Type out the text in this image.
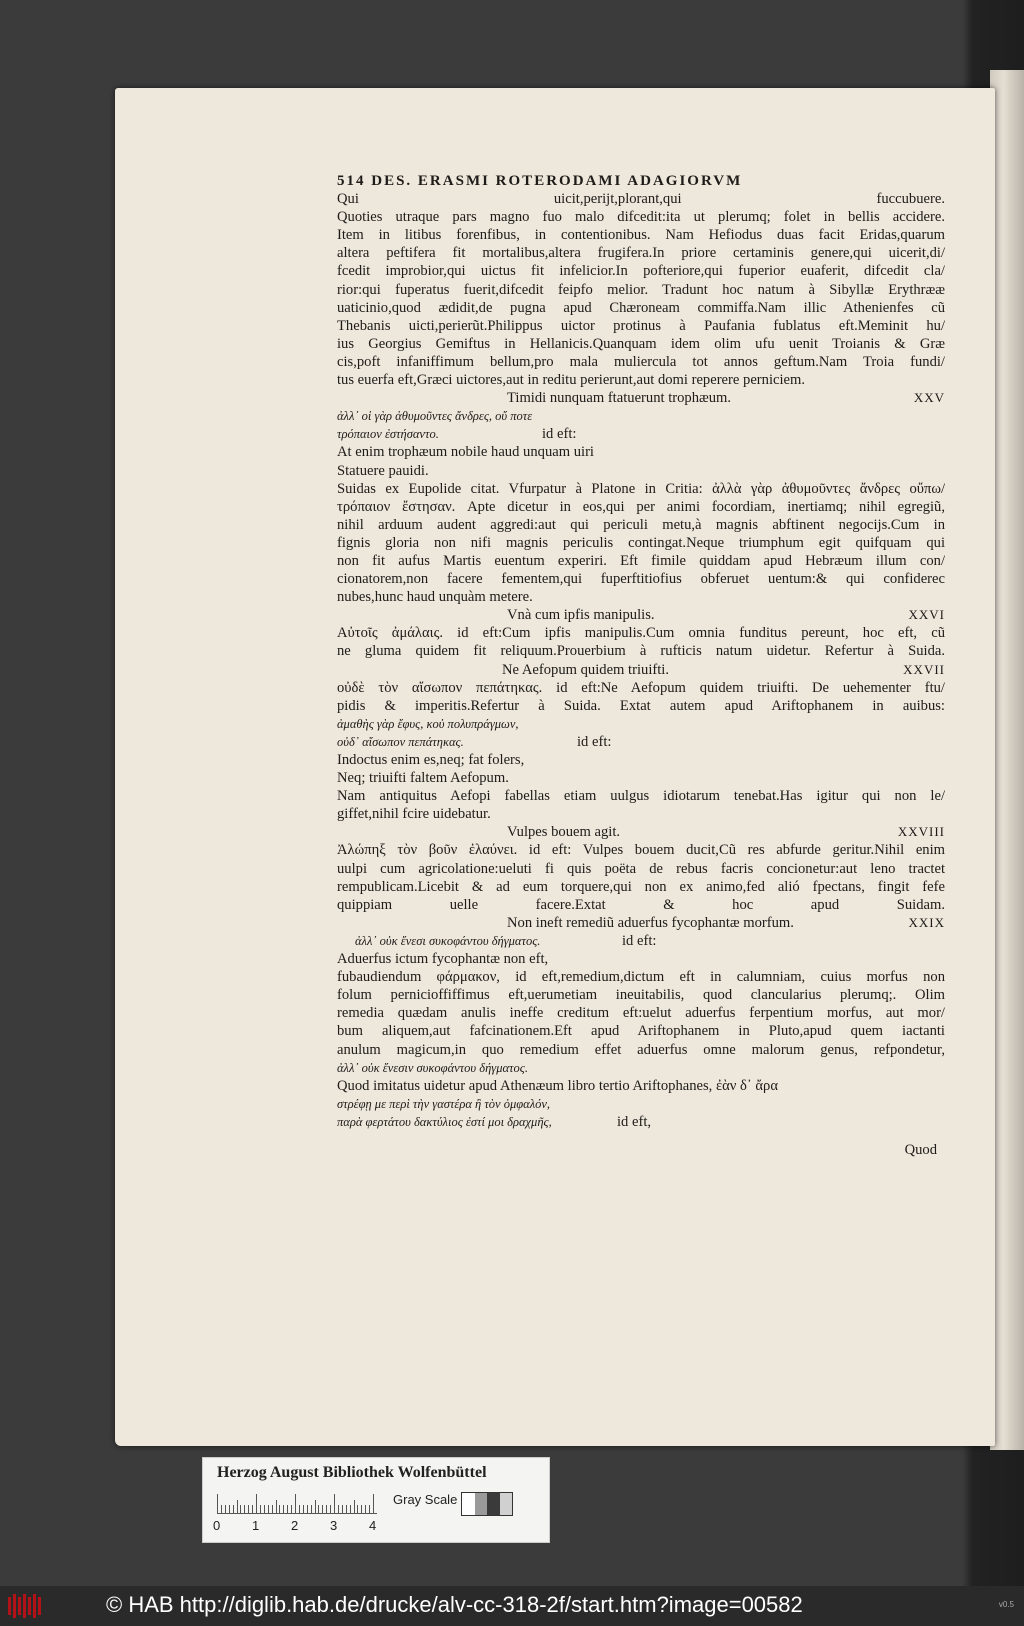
514 DES. ERASMI ROTERODAMI ADAGIORVM
Qui uicit,perijt,plorant,qui fuccubuere.
Quoties utraque pars magno fuo malo difcedit:ita ut plerumq; folet in bellis accidere.
Item in litibus forenfibus, in contentionibus. Nam Hefiodus duas facit Eridas,quarum
altera peftifera fit mortalibus,altera frugifera.In priore certaminis genere,qui uicerit,di/
fcedit improbior,qui uictus fit infelicior.In pofteriore,qui fuperior euaferit, difcedit cla/
rior:qui fuperatus fuerit,difcedit feipfo melior. Tradunt hoc natum à Sibyllæ Erythrææ
uaticinio,quod ædidit,de pugna apud Chæroneam commiffa.Nam illic Athenienfes cũ
Thebanis uicti,perierũt.Philippus uictor protinus à Paufania fublatus eft.Meminit hu/
ius Georgius Gemiftus in Hellanicis.Quanquam idem olim ufu uenit Troianis & Græ
cis,poft infaniffimum bellum,pro mala muliercula tot annos geftum.Nam Troia fundi/
tus euerfa eft,Græci uictores,aut in reditu perierunt,aut domi reperere perniciem.
Timidi nunquam ftatuerunt trophæum.	XXV
ἀλλ᾽ οἱ γὰρ ἀθυμοῦντες ἄνδρες, οὔ ποτε
τρόπαιον ἐστήσαντο.	id eft:
At enim trophæum nobile haud unquam uiri
Statuere pauidi.
Suidas ex Eupolide citat. Vfurpatur à Platone in Critia: ἀλλὰ γὰρ ἀθυμοῦντες ἄνδρες οὔπω/
τρόπαιον ἔστησαν. Apte dicetur in eos,qui per animi focordiam, inertiamq; nihil egregiũ,
nihil arduum audent aggredi:aut qui periculi metu,à magnis abftinent negocijs.Cum in
fignis gloria non nifi magnis periculis contingat.Neque triumphum egit quifquam qui
non fit aufus Martis euentum experiri. Eft fimile quiddam apud Hebræum illum con/
cionatorem,non facere fementem,qui fuperftitiofius obferuet uentum:& qui confiderec
nubes,hunc haud unquàm metere.
Vnà cum ipfis manipulis.	XXVI
Αὐτοῖς ἀμάλαις. id eft:Cum ipfis manipulis.Cum omnia funditus pereunt, hoc eft, cũ
ne gluma quidem fit reliquum.Prouerbium à rufticis natum uidetur. Refertur à Suida.
Ne Aefopum quidem triuifti.	XXVII
οὐδὲ τὸν αἴσωπον πεπάτηκας. id eft:Ne Aefopum quidem triuifti. De uehementer ftu/
pidis & imperitis.Refertur à Suida. Extat autem apud Ariftophanem in auibus:
ἀμαθὴς γὰρ ἔφυς, κοὐ πολυπράγμων,
οὐδ᾽ αἴσωπον πεπάτηκας.	id eft:
Indoctus enim es,neq; fat folers,
Neq; triuifti faltem Aefopum.
Nam antiquitus Aefopi fabellas etiam uulgus idiotarum tenebat.Has igitur qui non le/
giffet,nihil fcire uidebatur.
Vulpes bouem agit.	XXVIII
Ἀλώπηξ τὸν βοῦν ἐλαύνει. id eft: Vulpes bouem ducit,Cũ res abfurde geritur.Nihil enim
uulpi cum agricolatione:ueluti fi quis poëta de rebus facris concionetur:aut leno tractet
rempublicam.Licebit & ad eum torquere,qui non ex animo,fed alió fpectans, fingit fefe
quippiam uelle facere.Extat & hoc apud Suidam.
Non ineft remediũ aduerfus fycophantæ morfum.	XXIX
ἀλλ᾽ οὐκ ἔνεσι συκοφάντου δήγματος.	id eft:
Aduerfus ictum fycophantæ non eft,
fubaudiendum φάρμακον, id eft,remedium,dictum eft in calumniam, cuius morfus non
folum pernicioffiffimus eft,uerumetiam ineuitabilis, quod clancularius plerumq;. Olim
remedia quædam anulis ineffe creditum eft:uelut aduerfus ferpentium morfus, aut mor/
bum aliquem,aut fafcinationem.Eft apud Ariftophanem in Pluto,apud quem iactanti
anulum magicum,in quo remedium effet aduerfus omne malorum genus, refpondetur,
ἀλλ᾽ οὐκ ἔνεσιν συκοφάντου δήγματος.
Quod imitatus uidetur apud Athenæum libro tertio Ariftophanes, ἐὰν δ᾽ ἄρα
στρέφῃ με περὶ τὴν γαστέρα ἢ τὸν ὀμφαλόν,
παρὰ φερτάτου δακτύλιος ἐστί μοι δραχμῆς,	id eft,
Quod
Herzog August Bibliothek Wolfenbüttel
0 1 2 3 4
Gray Scale
© HAB http://diglib.hab.de/drucke/alv-cc-318-2f/start.htm?image=00582	v0.5
